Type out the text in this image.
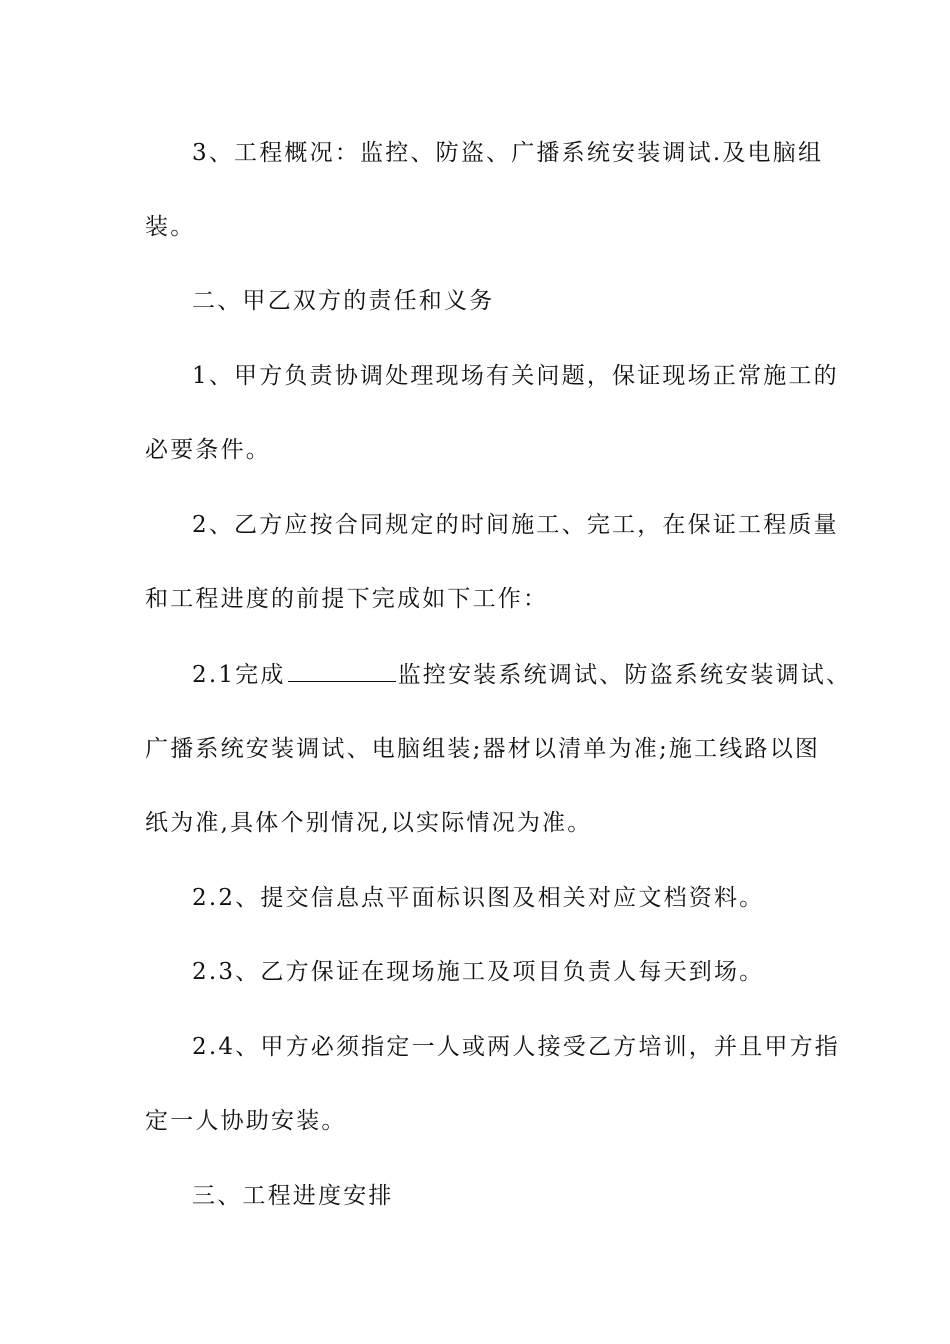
3、工程概况：监控、防盗、广播系统安装调试.及电脑组
装。
二、甲乙双方的责任和义务
1、甲方负责协调处理现场有关问题，保证现场正常施工的
必要条件。
2、乙方应按合同规定的时间施工、完工，在保证工程质量
和工程进度的前提下完成如下工作：
2.1完成	监控安装系统调试、防盗系统安装调试、
广播系统安装调试、电脑组装;器材以清单为准;施工线路以图
纸为准,具体个别情况,以实际情况为准。
2.2、提交信息点平面标识图及相关对应文档资料。
2.3、乙方保证在现场施工及项目负责人每天到场。
2.4、甲方必须指定一人或两人接受乙方培训，并且甲方指
定一人协助安装。
三、工程进度安排
